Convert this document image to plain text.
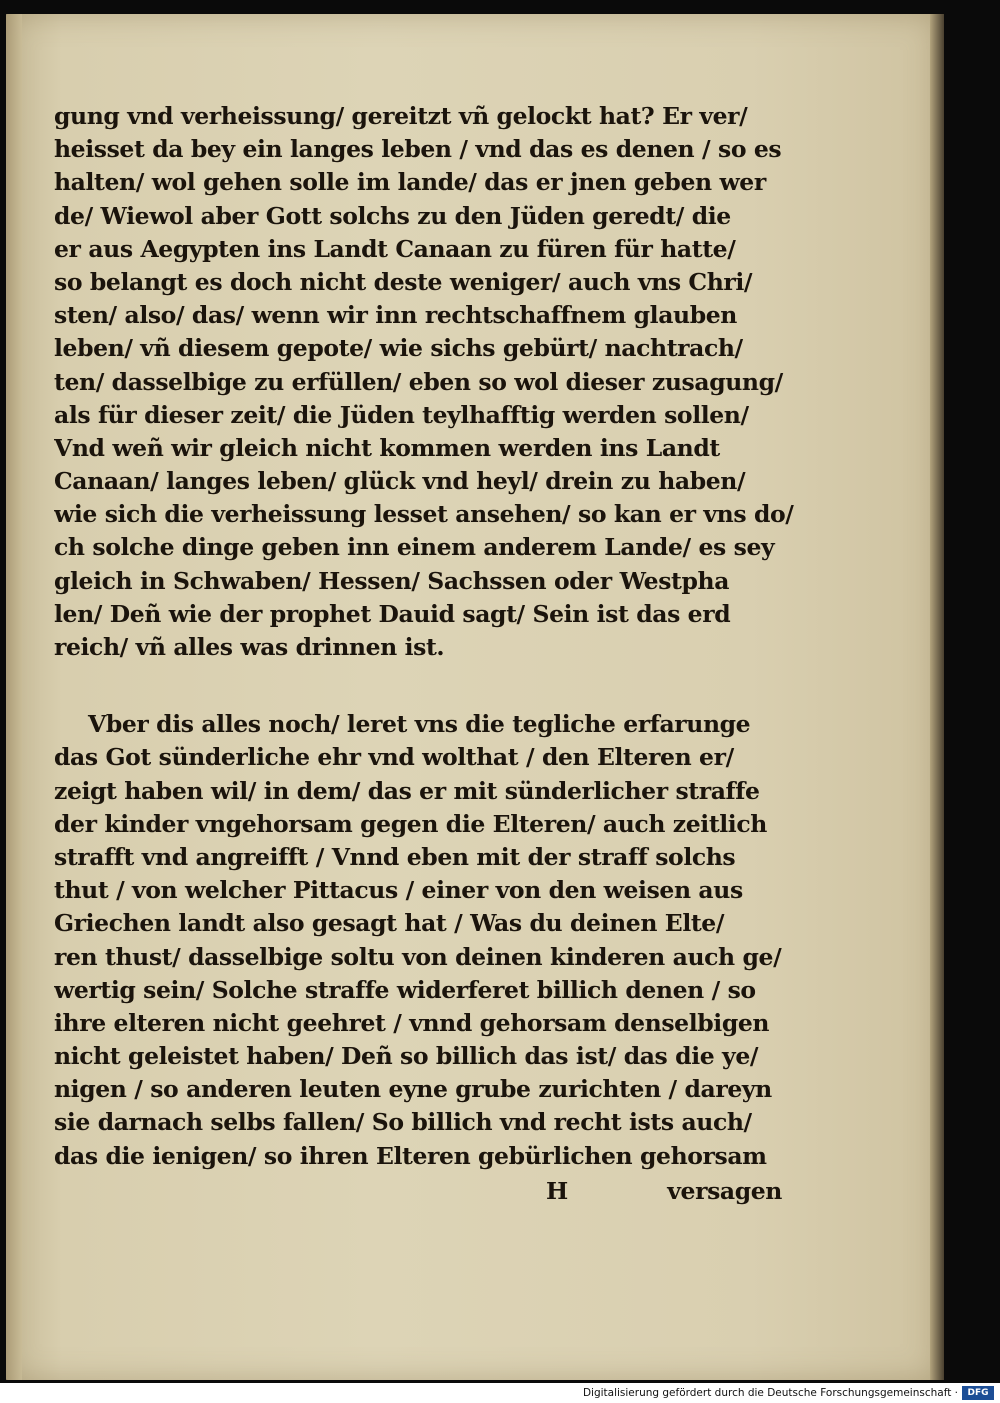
gung vnd verheissung/ gereitzt vñ gelockt hat? Er ver/
heisset da bey ein langes leben / vnd das es denen / so es
halten/ wol gehen solle im lande/ das er jnen geben wer
de/ Wiewol aber Gott solchs zu den Jüden geredt/ die
er aus Aegypten ins Landt Canaan zu füren für hatte/
so belangt es doch nicht deste weniger/ auch vns Chri/
sten/ also/ das/ wenn wir inn rechtschaffnem glauben
leben/ vñ diesem gepote/ wie sichs gebürt/ nachtrach/
ten/ dasselbige zu erfüllen/ eben so wol dieser zusagung/
als für dieser zeit/ die Jüden teylhafftig werden sollen/
Vnd weñ wir gleich nicht kommen werden ins Landt
Canaan/ langes leben/ glück vnd heyl/ drein zu haben/
wie sich die verheissung lesset ansehen/ so kan er vns do/
ch solche dinge geben inn einem anderem Lande/ es sey
gleich in Schwaben/ Hessen/ Sachssen oder Westpha
len/ Deñ wie der prophet Dauid sagt/ Sein ist das erd
reich/ vñ alles was drinnen ist.
Vber dis alles noch/ leret vns die tegliche erfarunge
das Got sünderliche ehr vnd wolthat / den Elteren er/
zeigt haben wil/ in dem/ das er mit sünderlicher straffe
der kinder vngehorsam gegen die Elteren/ auch zeitlich
strafft vnd angreifft / Vnnd eben mit der straff solchs
thut / von welcher Pittacus / einer von den weisen aus
Griechen landt also gesagt hat / Was du deinen Elte/
ren thust/ dasselbige soltu von deinen kinderen auch ge/
wertig sein/ Solche straffe widerferet billich denen / so
ihre elteren nicht geehret / vnnd gehorsam denselbigen
nicht geleistet haben/ Deñ so billich das ist/ das die ye/
nigen / so anderen leuten eyne grube zurichten / dareyn
sie darnach selbs fallen/ So billich vnd recht ists auch/
das die ienigen/ so ihren Elteren gebürlichen gehorsam
H	versagen
Digitalisierung gefördert durch die Deutsche Forschungsgemeinschaft ·	DFG
